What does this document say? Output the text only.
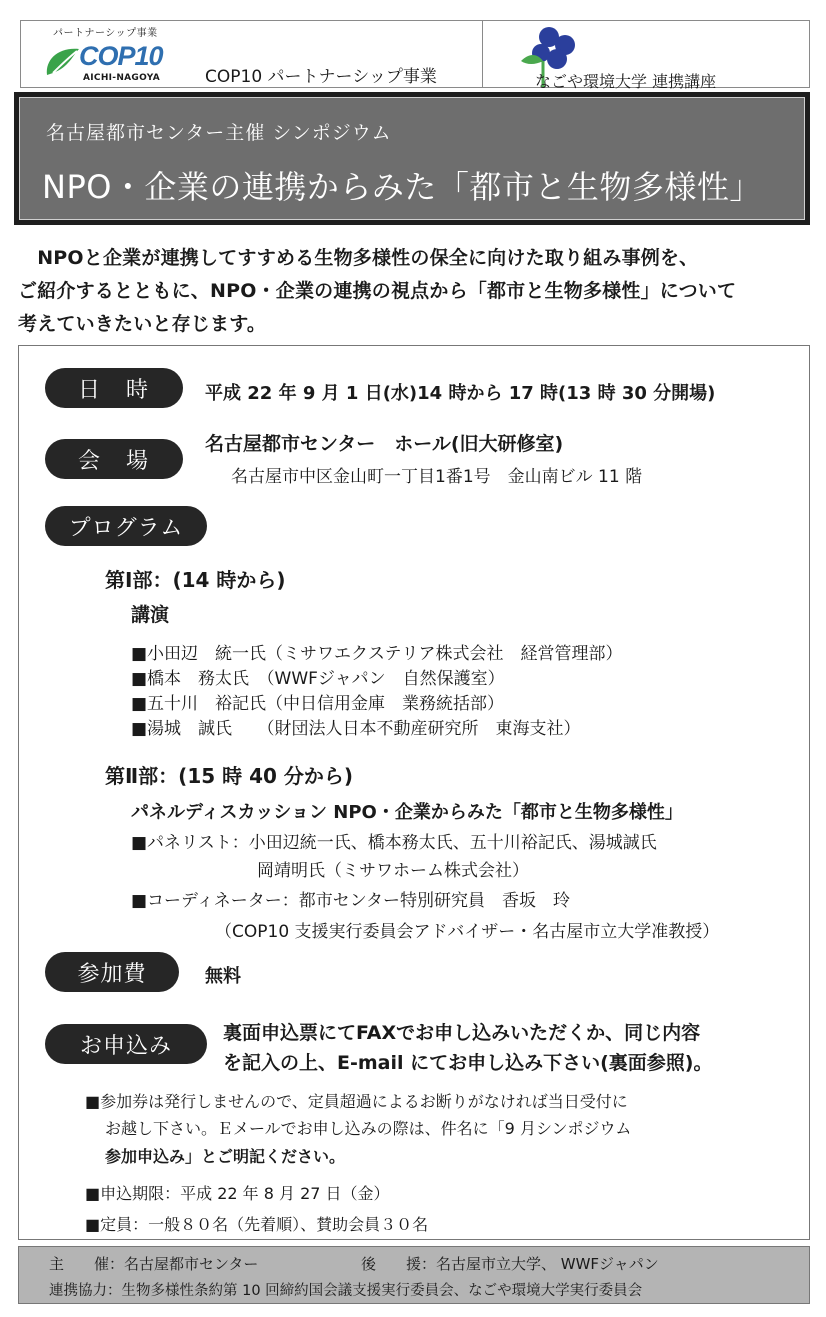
パートナーシップ事業
COP10
AICHI-NAGOYA	COP10 パートナーシップ事業	なごや環境大学 連携講座
名古屋都市センター主催 シンポジウム
NPO・企業の連携からみた「都市と生物多様性」

　NPOと企業が連携してすすめる生物多様性の保全に向けた取り組み事例を、

ご紹介するとともに、NPO・企業の連携の視点から「都市と生物多様性」について

考えていきたいと存じます。

日　時	平成 22 年 9 月 1 日(水)14 時から 17 時(13 時 30 分開場)
会　場
名古屋都市センター　ホール(旧大研修室)
名古屋市中区金山町一丁目1番1号　金山南ビル 11 階
プログラム
第Ⅰ部：(14 時から)
講演
■小田辺　統一氏（ミサワエクステリア株式会社　経営管理部）
■橋本　務太氏　（WWFジャパン　自然保護室）
■五十川　裕記氏（中日信用金庫　業務統括部）
■湯城　誠氏　　（財団法人日本不動産研究所　東海支社）
第Ⅱ部：(15 時 40 分から)
パネルディスカッション NPO・企業からみた「都市と生物多様性」
■パネリスト：小田辺統一氏、橋本務太氏、五十川裕記氏、湯城誠氏
岡靖明氏（ミサワホーム株式会社）
■コーディネーター：都市センター特別研究員　香坂　玲
（COP10 支援実行委員会アドバイザー・名古屋市立大学准教授）
参加費	無料
お申込み
裏面申込票にてFAXでお申し込みいただくか、同じ内容
を記入の上、E-mail にてお申し込み下さい(裏面参照)。
■参加券は発行しませんので、定員超過によるお断りがなければ当日受付に
お越し下さい。Ｅメールでお申し込みの際は、件名に「9 月シンポジウム
参加申込み」とご明記ください。
■申込期限：平成 22 年 8 月 27 日（金）
■定員：一般８０名（先着順）、賛助会員３０名
主　　催：名古屋都市センター	後　　援：名古屋市立大学、 WWFジャパン
連携協力：生物多様性条約第 10 回締約国会議支援実行委員会、なごや環境大学実行委員会
